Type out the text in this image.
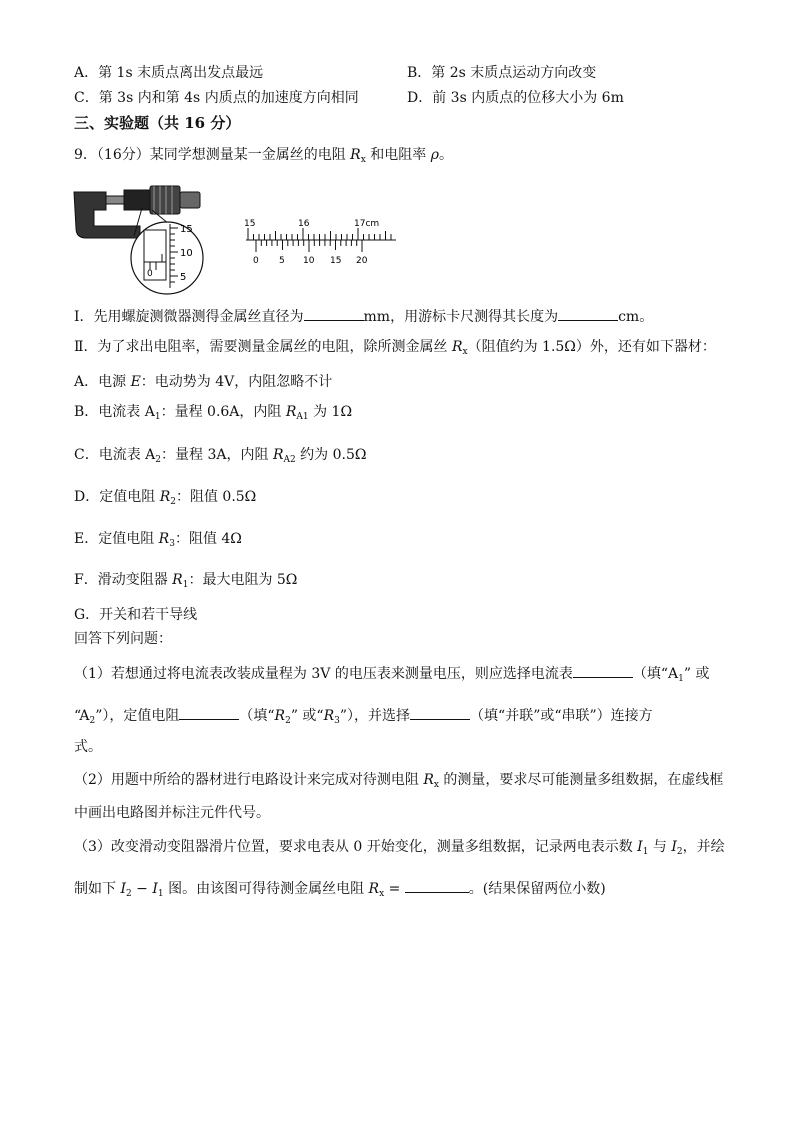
A．第 1s 末质点离出发点最远	B．第 2s 末质点运动方向改变
C．第 3s 内和第 4s 内质点的加速度方向相同	D．前 3s 内质点的位移大小为 6m
三、实验题（共 16 分）
9．（16分）某同学想测量某一金属丝的电阻 $R_x$ 和电阻率 ρ。
15
10
5
0
15	16	17cm
0 5 10 15 20
Ⅰ．先用螺旋测微器测得金属丝直径为	mm，用游标卡尺测得其长度为	cm。
Ⅱ．为了求出电阻率，需要测量金属丝的电阻，除所测金属丝 $R_x$（阻值约为 1.5Ω）外，还有如下器材：
A．电源 E：电动势为 4V，内阻忽略不计
B．电流表 $A_1$：量程 0.6A，内阻 $R_{A1}$ 为 1Ω
C．电流表 $A_2$：量程 3A，内阻 $R_{A2}$ 约为 0.5Ω
D．定值电阻 $R_2$：阻值 0.5Ω
E．定值电阻 $R_3$：阻值 4Ω
F．滑动变阻器 $R_1$：最大电阻为 5Ω
G．开关和若干导线
回答下列问题：
（1）若想通过将电流表改装成量程为 3V 的电压表来测量电压，则应选择电流表	（填“$A_1$” 或
“$A_2$”），定值电阻	（填“$R_2$” 或“$R_3$”），并选择	（填“并联”或“串联”）连接方
式。
（2）用题中所给的器材进行电路设计来完成对待测电阻 $R_x$ 的测量，要求尽可能测量多组数据，在虚线框
中画出电路图并标注元件代号。
（3）改变滑动变阻器滑片位置，要求电表从 0 开始变化，测量多组数据，记录两电表示数 $I_1$ 与 $I_2$，并绘
制如下 $I_2 - I_1$ 图。由该图可得待测金属丝电阻 $R_x$ =	。(结果保留两位小数)
